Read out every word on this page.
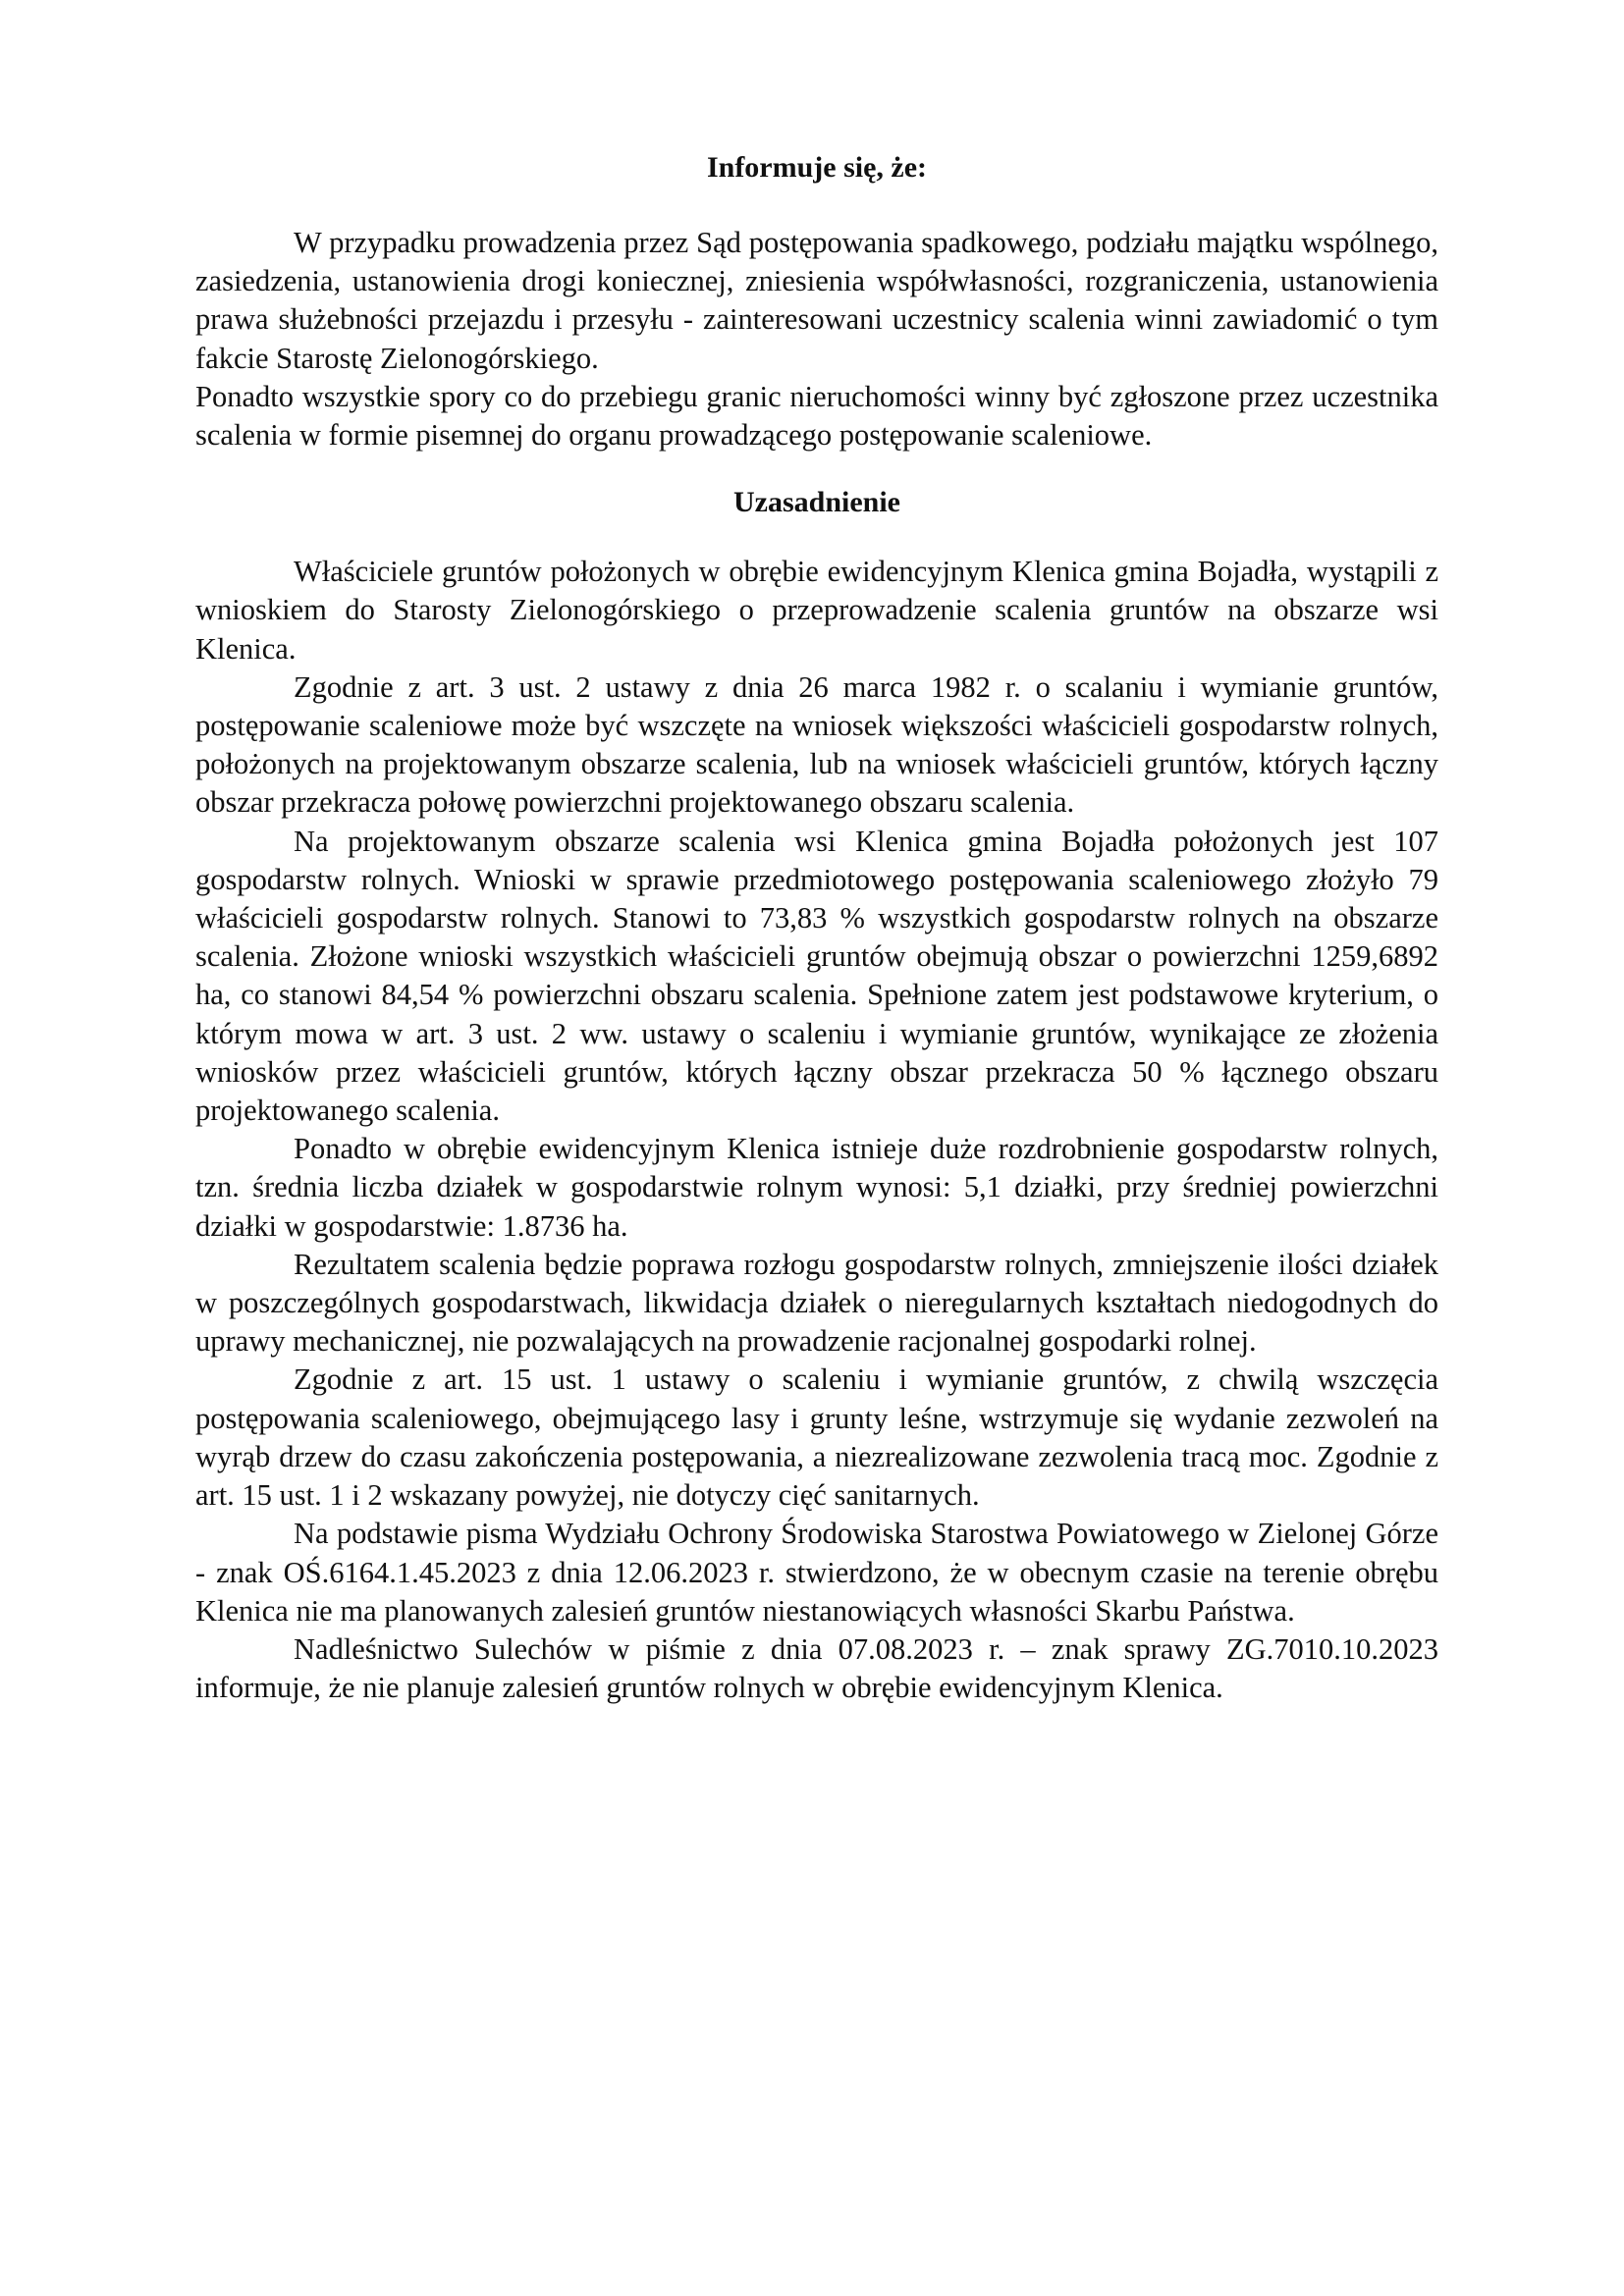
Informuje się, że:

W przypadku prowadzenia przez Sąd postępowania spadkowego, podziału majątku wspólnego, zasiedzenia, ustanowienia drogi koniecznej, zniesienia współwłasności, rozgraniczenia, ustanowienia prawa służebności przejazdu i przesyłu - zainteresowani uczestnicy scalenia winni zawiadomić o tym fakcie Starostę Zielonogórskiego.

Ponadto wszystkie spory co do przebiegu granic nieruchomości winny być zgłoszone przez uczestnika scalenia w formie pisemnej do organu prowadzącego postępowanie scaleniowe.

Uzasadnienie

Właściciele gruntów położonych w obrębie ewidencyjnym Klenica gmina Bojadła, wystąpili z wnioskiem do Starosty Zielonogórskiego o przeprowadzenie scalenia gruntów na obszarze wsi Klenica.

Zgodnie z art. 3 ust. 2 ustawy z dnia 26 marca 1982 r. o scalaniu i wymianie gruntów, postępowanie scaleniowe może być wszczęte na wniosek większości właścicieli gospodarstw rolnych, położonych na projektowanym obszarze scalenia, lub na wniosek właścicieli gruntów, których łączny obszar przekracza połowę powierzchni projektowanego obszaru scalenia.

Na projektowanym obszarze scalenia wsi Klenica gmina Bojadła położonych jest 107 gospodarstw rolnych. Wnioski w sprawie przedmiotowego postępowania scaleniowego złożyło 79 właścicieli gospodarstw rolnych. Stanowi to 73,83 % wszystkich gospodarstw rolnych na obszarze scalenia. Złożone wnioski wszystkich właścicieli gruntów obejmują obszar o powierzchni 1259,6892 ha, co stanowi 84,54 % powierzchni obszaru scalenia. Spełnione zatem jest podstawowe kryterium, o którym mowa w art. 3 ust. 2 ww. ustawy o scaleniu i wymianie gruntów, wynikające ze złożenia wniosków przez właścicieli gruntów, których łączny obszar przekracza 50 % łącznego obszaru projektowanego scalenia.

Ponadto w obrębie ewidencyjnym Klenica istnieje duże rozdrobnienie gospodarstw rolnych, tzn. średnia liczba działek w gospodarstwie rolnym wynosi: 5,1 działki, przy średniej powierzchni działki w gospodarstwie: 1.8736 ha.

Rezultatem scalenia będzie poprawa rozłogu gospodarstw rolnych, zmniejszenie ilości działek w poszczególnych gospodarstwach, likwidacja działek o nieregularnych kształtach niedogodnych do uprawy mechanicznej, nie pozwalających na prowadzenie racjonalnej gospodarki rolnej.

Zgodnie z art. 15 ust. 1 ustawy o scaleniu i wymianie gruntów, z chwilą wszczęcia postępowania scaleniowego, obejmującego lasy i grunty leśne, wstrzymuje się wydanie zezwoleń na wyrąb drzew do czasu zakończenia postępowania, a niezrealizowane zezwolenia tracą moc. Zgodnie z art. 15 ust. 1 i 2 wskazany powyżej, nie dotyczy cięć sanitarnych.

Na podstawie pisma Wydziału Ochrony Środowiska Starostwa Powiatowego w Zielonej Górze - znak OŚ.6164.1.45.2023 z dnia 12.06.2023 r. stwierdzono, że w obecnym czasie na terenie obrębu Klenica nie ma planowanych zalesień gruntów niestanowiących własności Skarbu Państwa.

Nadleśnictwo Sulechów w piśmie z dnia 07.08.2023 r. – znak sprawy ZG.7010.10.2023 informuje, że nie planuje zalesień gruntów rolnych w obrębie ewidencyjnym Klenica.
